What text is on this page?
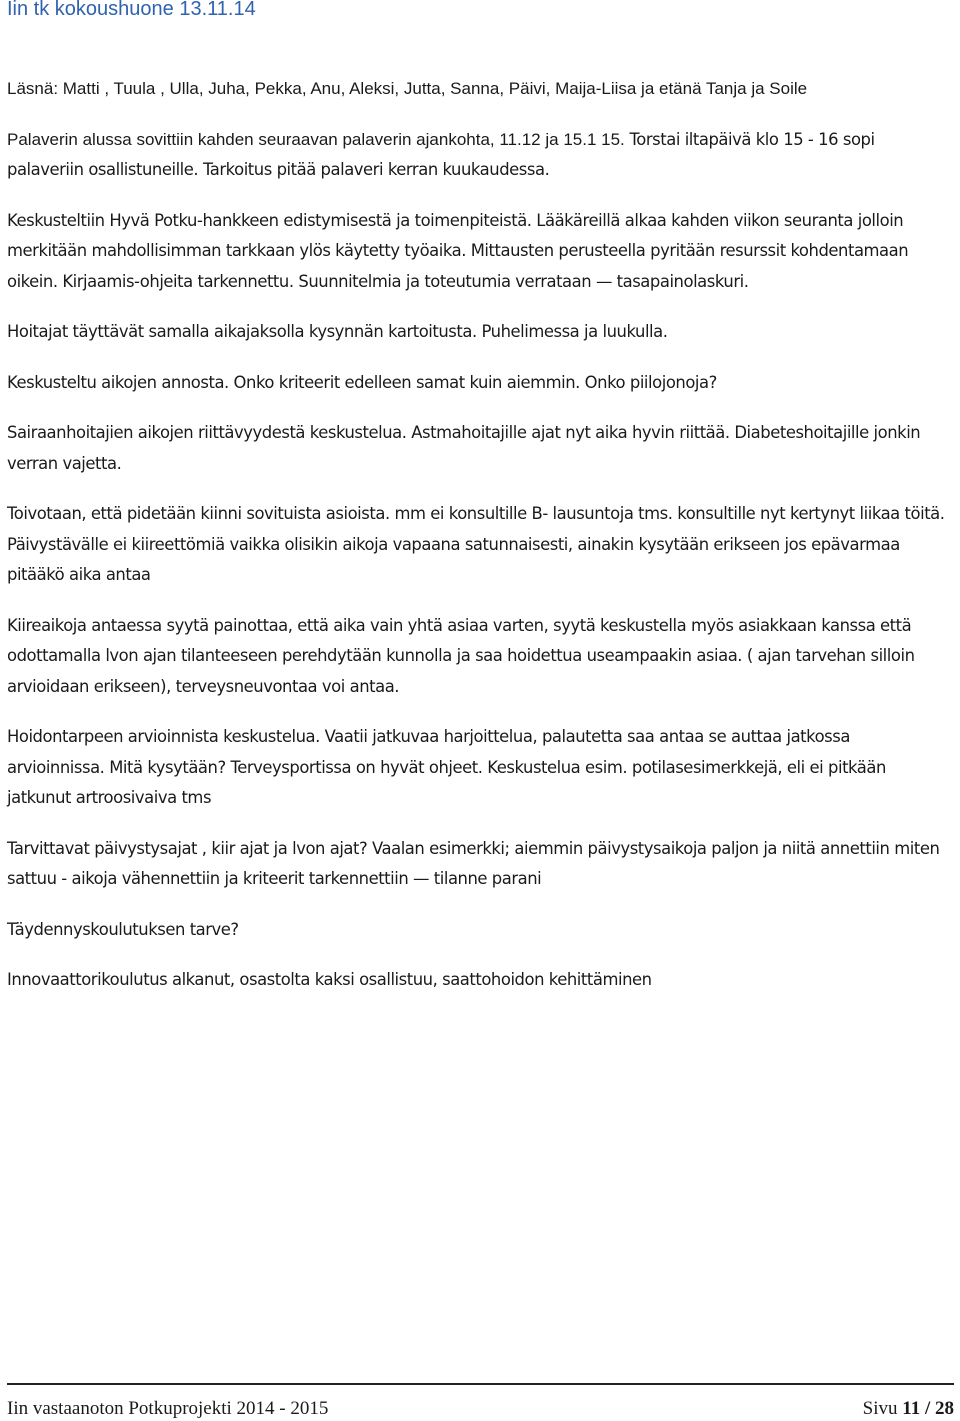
Iin tk kokoushuone 13.11.14

Läsnä: Matti , Tuula , Ulla, Juha, Pekka, Anu, Aleksi, Jutta, Sanna, Päivi, Maija-Liisa ja etänä Tanja ja Soile

Palaverin alussa sovittiin kahden seuraavan palaverin ajankohta, 11.12 ja 15.1 15. Torstai iltapäivä klo 15 - 16 sopi palaveriin osallistuneille. Tarkoitus pitää palaveri kerran kuukaudessa.

Keskusteltiin Hyvä Potku-hankkeen edistymisestä ja toimenpiteistä. Lääkäreillä alkaa kahden viikon seuranta jolloin merkitään mahdollisimman tarkkaan ylös käytetty työaika. Mittausten perusteella pyritään resurssit kohdentamaan oikein. Kirjaamis-ohjeita tarkennettu. Suunnitelmia ja toteutumia verrataan — tasapainolaskuri.

Hoitajat täyttävät samalla aikajaksolla kysynnän kartoitusta. Puhelimessa ja luukulla.

Keskusteltu aikojen annosta. Onko kriteerit edelleen samat kuin aiemmin. Onko piilojonoja?

Sairaanhoitajien aikojen riittävyydestä keskustelua. Astmahoitajille ajat nyt aika hyvin riittää. Diabeteshoitajille jonkin verran vajetta.

Toivotaan, että pidetään kiinni sovituista asioista. mm ei konsultille B- lausuntoja tms. konsultille nyt kertynyt liikaa töitä. Päivystävälle ei kiireettömiä vaikka olisikin aikoja vapaana satunnaisesti, ainakin kysytään erikseen jos epävarmaa pitääkö aika antaa

Kiireaikoja antaessa syytä painottaa, että aika vain yhtä asiaa varten, syytä keskustella myös asiakkaan kanssa että odottamalla lvon ajan tilanteeseen perehdytään kunnolla ja saa hoidettua useampaakin asiaa. ( ajan tarvehan silloin arvioidaan erikseen), terveysneuvontaa voi antaa.

Hoidontarpeen arvioinnista keskustelua. Vaatii jatkuvaa harjoittelua, palautetta saa antaa se auttaa jatkossa arvioinnissa. Mitä kysytään? Terveysportissa on hyvät ohjeet. Keskustelua esim. potilasesimerkkejä, eli ei pitkään jatkunut artroosivaiva tms

Tarvittavat päivystysajat , kiir ajat ja lvon ajat? Vaalan esimerkki; aiemmin päivystysaikoja paljon ja niitä annettiin miten sattuu - aikoja vähennettiin ja kriteerit tarkennettiin — tilanne parani

Täydennyskoulutuksen tarve?

Innovaattorikoulutus alkanut, osastolta kaksi osallistuu, saattohoidon kehittäminen

Iin vastaanoton Potkuprojekti 2014 - 2015	Sivu 11 / 28
